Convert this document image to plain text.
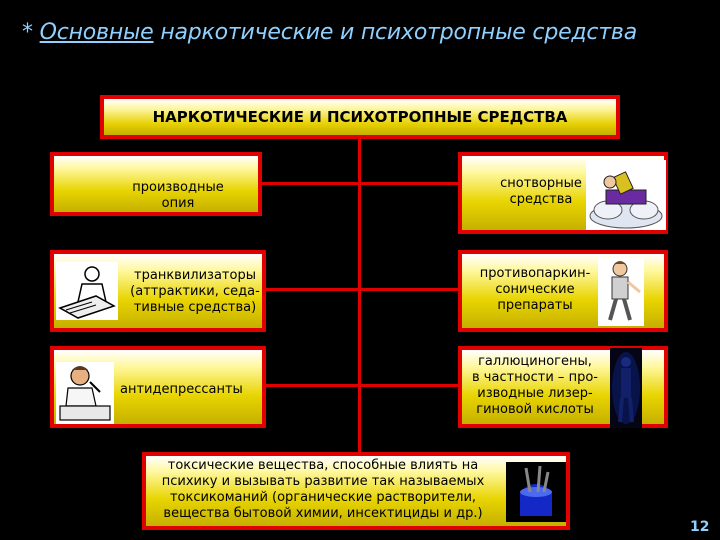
* Основные наркотические и психотропные средства
НАРКОТИЧЕСКИЕ И ПСИХОТРОПНЫЕ СРЕДСТВА
производные
опия
транквилизаторы
(аттрактики, седа-
тивные средства)
антидепрессанты
снотворные
средства
противопаркин-
сонические
препараты
галлюциногены,
в частности – про-
изводные лизер-
гиновой кислоты
токсические вещества, способные влиять на
психику и вызывать развитие так называемых
токсикоманий (органические растворители,
вещества бытовой химии, инсектициды и др.)
12
